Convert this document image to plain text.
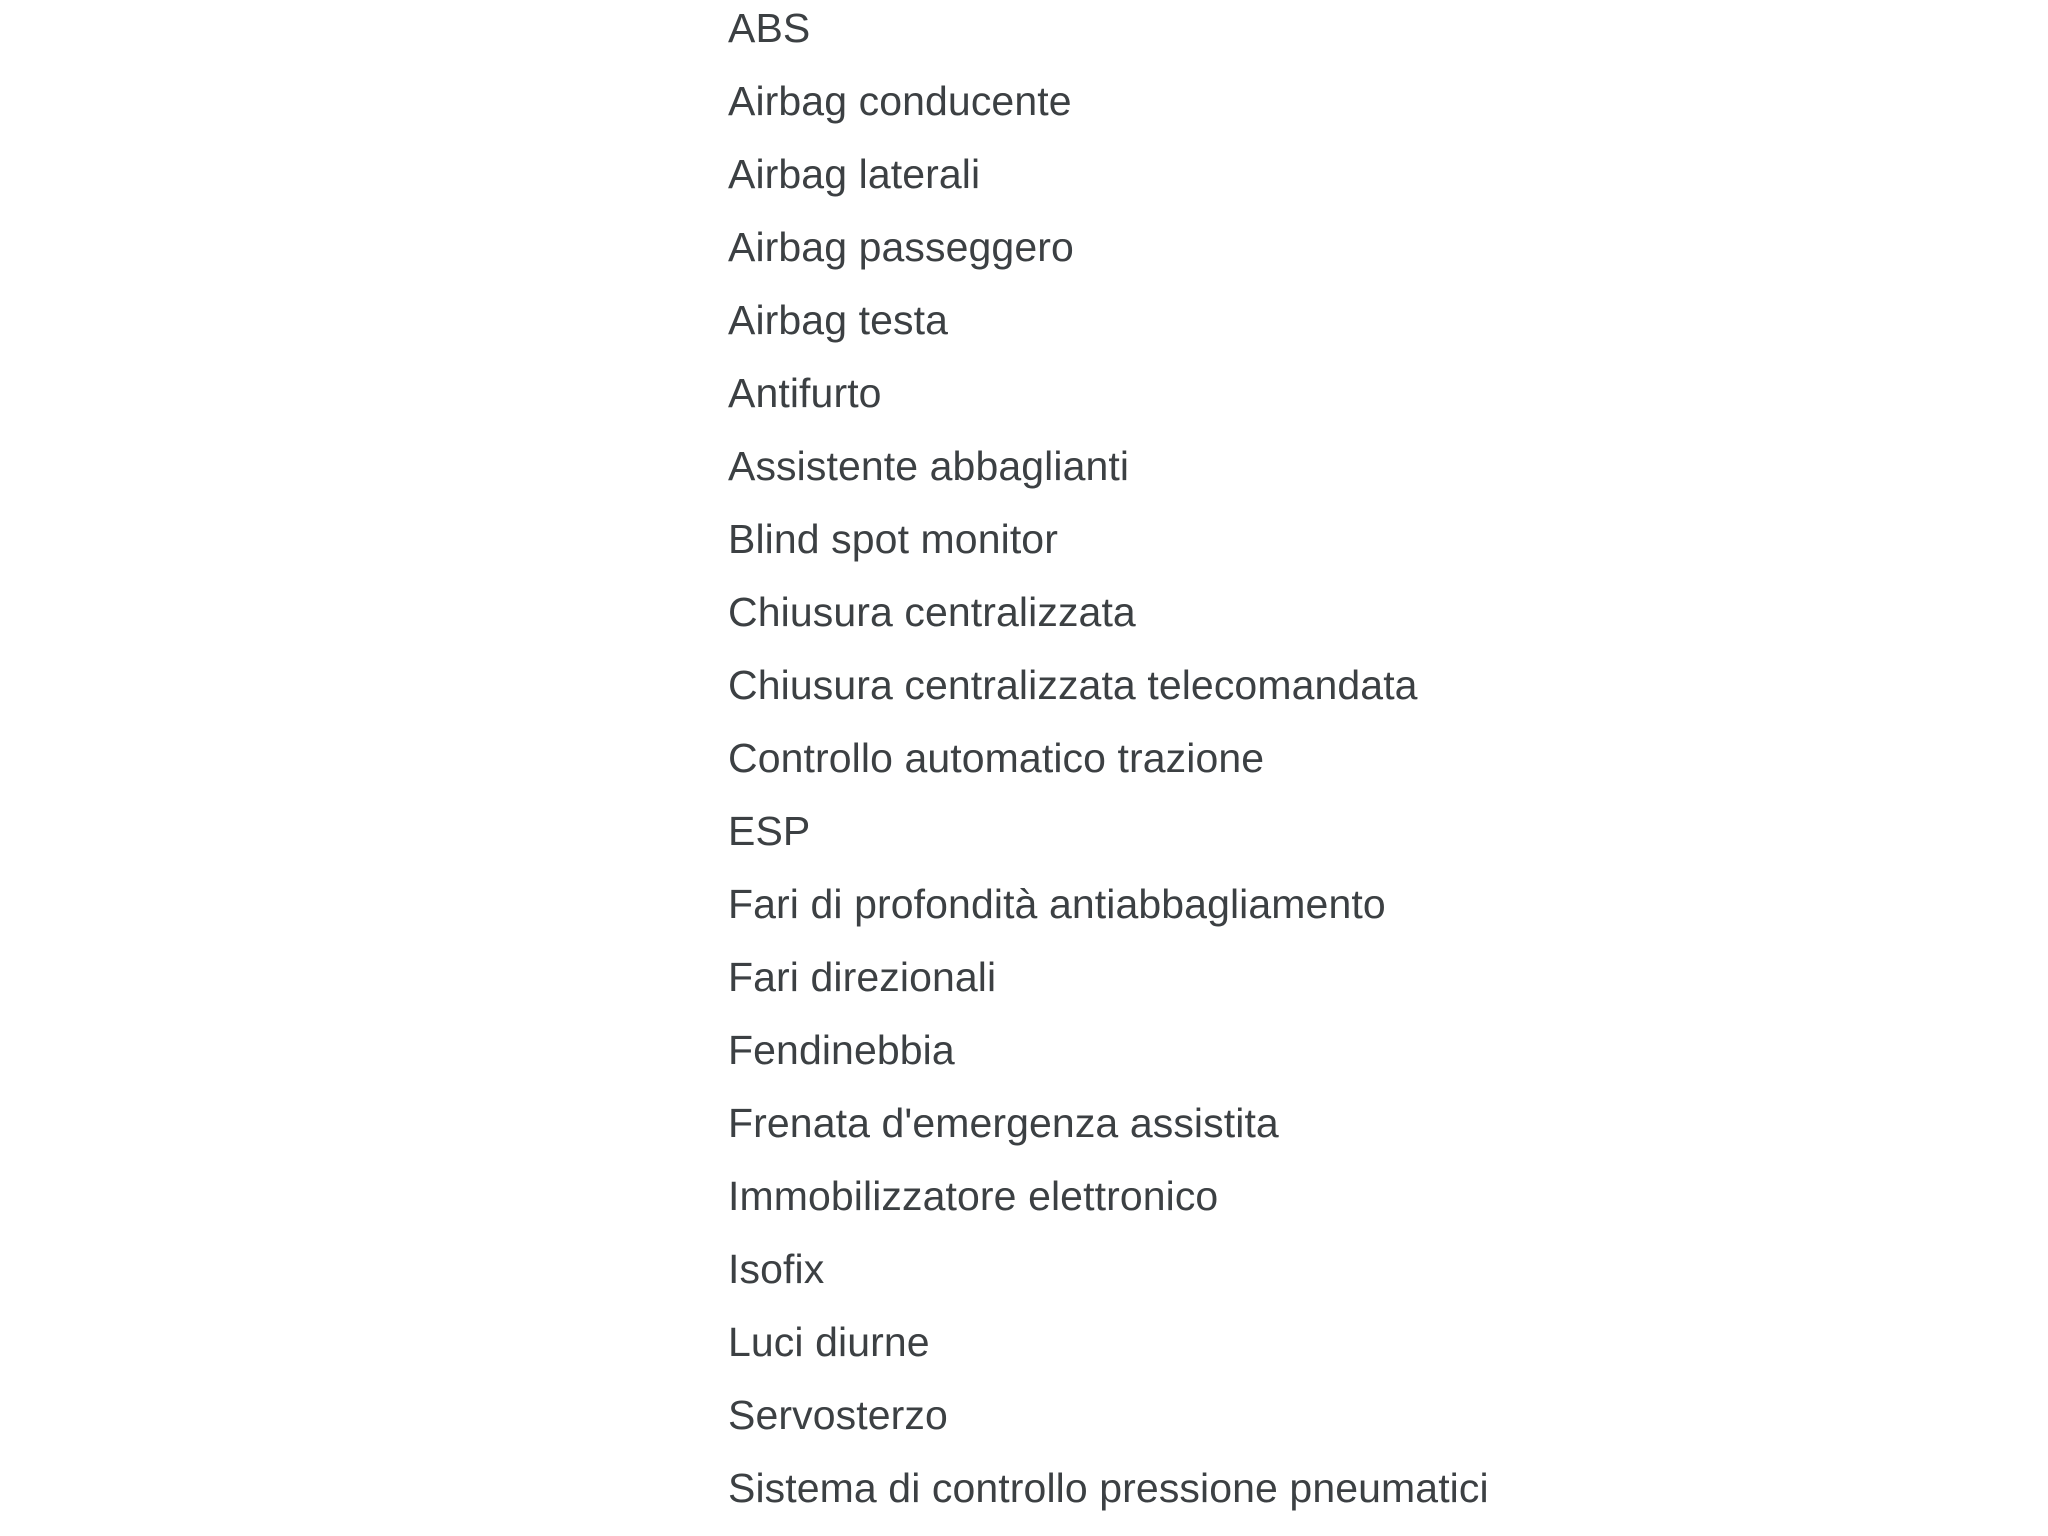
ABS
Airbag conducente
Airbag laterali
Airbag passeggero
Airbag testa
Antifurto
Assistente abbaglianti
Blind spot monitor
Chiusura centralizzata
Chiusura centralizzata telecomandata
Controllo automatico trazione
ESP
Fari di profondità antiabbagliamento
Fari direzionali
Fendinebbia
Frenata d'emergenza assistita
Immobilizzatore elettronico
Isofix
Luci diurne
Servosterzo
Sistema di controllo pressione pneumatici
